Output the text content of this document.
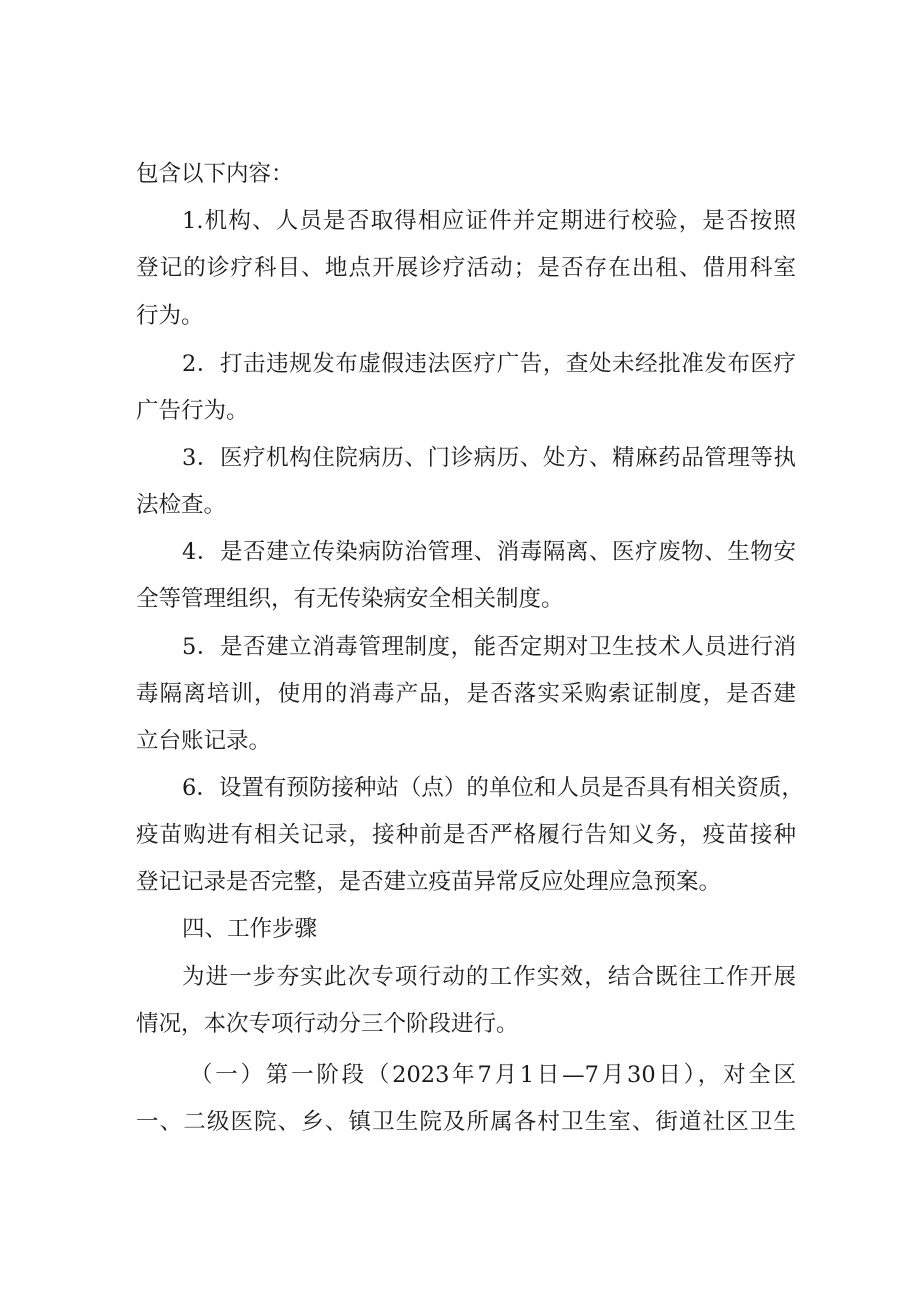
包含以下内容：
1.机构、人员是否取得相应证件并定期进行校验，是否按照
登记的诊疗科目、地点开展诊疗活动；是否存在出租、借用科室
行为。
2．打击违规发布虚假违法医疗广告，查处未经批准发布医疗
广告行为。
3．医疗机构住院病历、门诊病历、处方、精麻药品管理等执
法检查。
4．是否建立传染病防治管理、消毒隔离、医疗废物、生物安
全等管理组织，有无传染病安全相关制度。
5．是否建立消毒管理制度，能否定期对卫生技术人员进行消
毒隔离培训，使用的消毒产品，是否落实采购索证制度，是否建
立台账记录。
6．设置有预防接种站（点）的单位和人员是否具有相关资质，
疫苗购进有相关记录，接种前是否严格履行告知义务，疫苗接种
登记记录是否完整，是否建立疫苗异常反应处理应急预案。
四、工作步骤
为进一步夯实此次专项行动的工作实效，结合既往工作开展
情况，本次专项行动分三个阶段进行。
（一）第一阶段（2023年7月1日—7月30日），对全区
一、二级医院、乡、镇卫生院及所属各村卫生室、街道社区卫生
